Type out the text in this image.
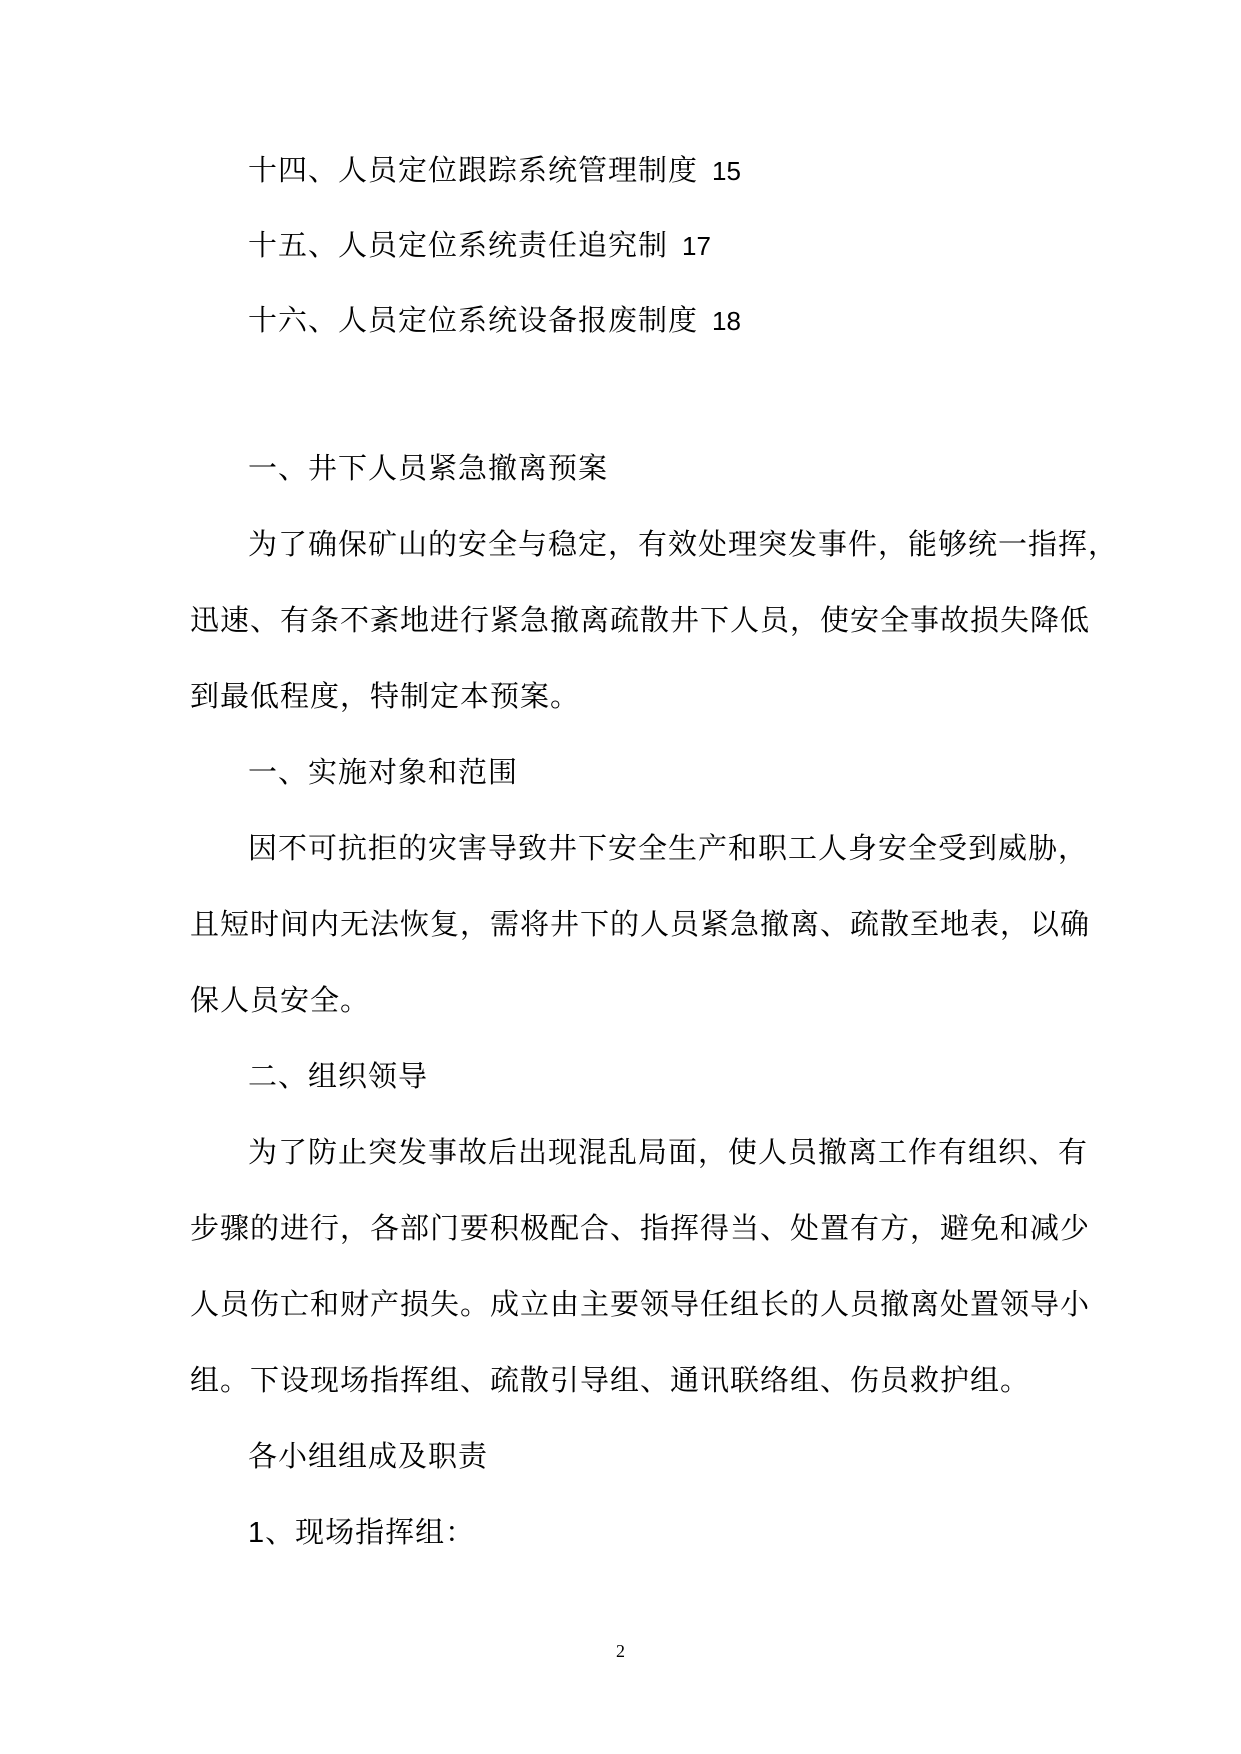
十四、人员定位跟踪系统管理制度 15
十五、人员定位系统责任追究制 17
十六、人员定位系统设备报废制度 18
一、井下人员紧急撤离预案
为了确保矿山的安全与稳定，有效处理突发事件，能够统一指挥，
迅速、有条不紊地进行紧急撤离疏散井下人员，使安全事故损失降低
到最低程度，特制定本预案。
一、实施对象和范围
因不可抗拒的灾害导致井下安全生产和职工人身安全受到威胁，
且短时间内无法恢复，需将井下的人员紧急撤离、疏散至地表，以确
保人员安全。
二、组织领导
为了防止突发事故后出现混乱局面，使人员撤离工作有组织、有
步骤的进行，各部门要积极配合、指挥得当、处置有方，避免和减少
人员伤亡和财产损失。成立由主要领导任组长的人员撤离处置领导小
组。下设现场指挥组、疏散引导组、通讯联络组、伤员救护组。
各小组组成及职责
1、现场指挥组：
2
